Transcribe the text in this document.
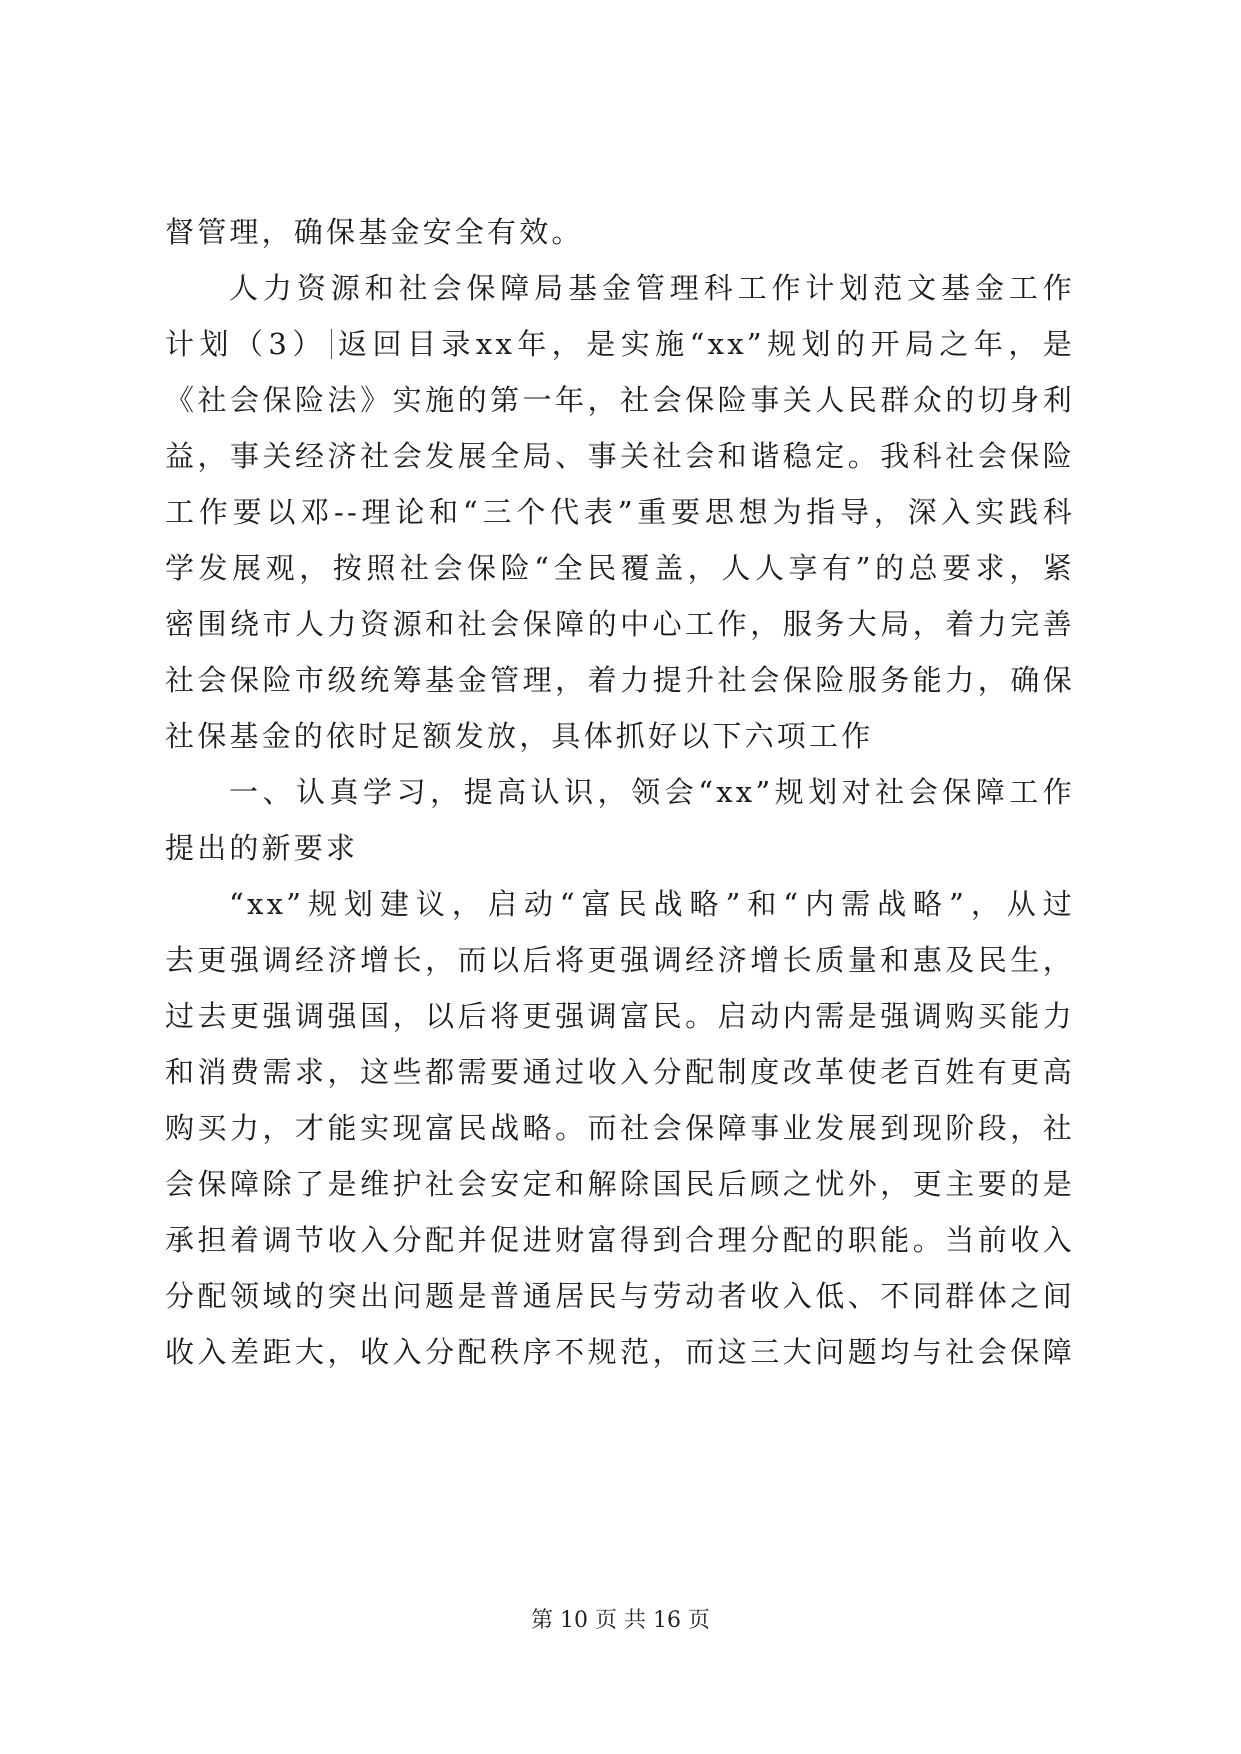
督管理，确保基金安全有效。
人力资源和社会保障局基金管理科工作计划范文基金工作
计划（3） 返回目录xx年，是实施“xx”规划的开局之年，是
《社会保险法》实施的第一年，社会保险事关人民群众的切身利
益，事关经济社会发展全局、事关社会和谐稳定。我科社会保险
工作要以邓--理论和“三个代表”重要思想为指导，深入实践科
学发展观，按照社会保险“全民覆盖，人人享有”的总要求，紧
密围绕市人力资源和社会保障的中心工作，服务大局，着力完善
社会保险市级统筹基金管理，着力提升社会保险服务能力，确保
社保基金的依时足额发放，具体抓好以下六项工作
一、认真学习，提高认识，领会“xx”规划对社会保障工作
提出的新要求
“xx”规划建议，启动“富民战略”和“内需战略”，从过
去更强调经济增长，而以后将更强调经济增长质量和惠及民生，
过去更强调强国，以后将更强调富民。启动内需是强调购买能力
和消费需求，这些都需要通过收入分配制度改革使老百姓有更高
购买力，才能实现富民战略。而社会保障事业发展到现阶段，社
会保障除了是维护社会安定和解除国民后顾之忧外，更主要的是
承担着调节收入分配并促进财富得到合理分配的职能。当前收入
分配领域的突出问题是普通居民与劳动者收入低、不同群体之间
收入差距大，收入分配秩序不规范，而这三大问题均与社会保障
第 10 页 共 16 页
